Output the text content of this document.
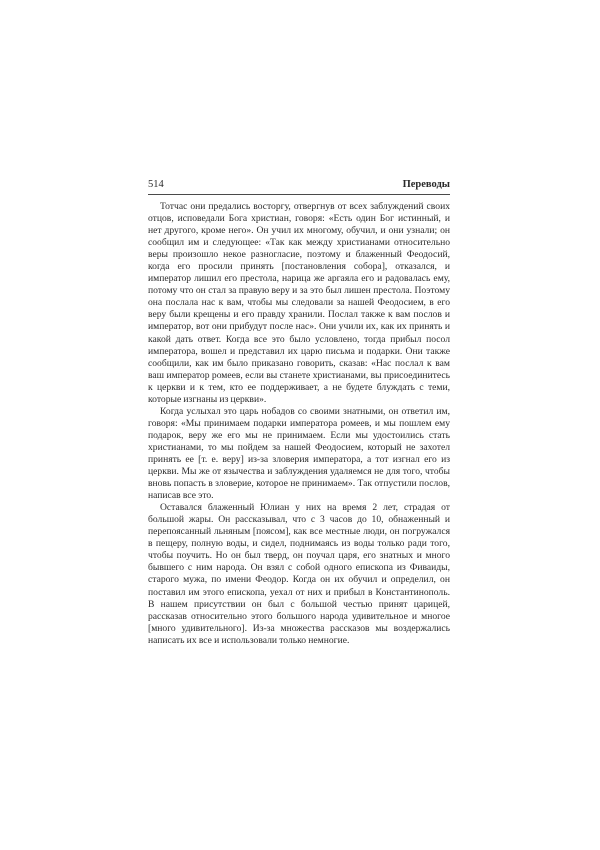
514	Переводы

Тотчас они предались восторгу, отвергнув от всех заблуждений своих отцов, исповедали Бога христиан, говоря: «Есть один Бог истинный, и нет другого, кроме него». Он учил их многому, обучил, и они узнали; он сообщил им и следующее: «Так как между христианами относительно веры произошло некое разногласие, поэтому и блаженный Феодосий, когда его просили принять [постановления собора], отказался, и император лишил его престола, нарица же аргаяла его и радовалась ему, потому что он стал за правую веру и за это был лишен престола. Поэтому она послала нас к вам, чтобы мы следовали за нашей Феодосием, в его веру были крещены и его правду хранили. Послал также к вам послов и император, вот они прибудут после нас». Они учили их, как их принять и какой дать ответ. Когда все это было условлено, тогда прибыл посол императора, вошел и представил их царю письма и подарки. Они также сообщили, как им было приказано говорить, сказав: «Нас послал к вам ваш император ромеев, если вы станете христианами, вы присоединитесь к церкви и к тем, кто ее поддерживает, а не будете блуждать с теми, которые изгнаны из церкви».

Когда услыхал это царь нобадов со своими знатными, он ответил им, говоря: «Мы принимаем подарки императора ромеев, и мы пошлем ему подарок, веру же его мы не принимаем. Если мы удостоились стать христианами, то мы пойдем за нашей Феодосием, который не захотел принять ее [т. е. веру] из-за зловерия императора, а тот изгнал его из церкви. Мы же от язычества и заблуждения удаляемся не для того, чтобы вновь попасть в зловерие, которое не принимаем». Так отпустили послов, написав все это.

Оставался блаженный Юлиан у них на время 2 лет, страдая от большой жары. Он рассказывал, что с 3 часов до 10, обнаженный и перепоясанный льняным [поясом], как все местные люди, он погружался в пещеру, полную воды, и сидел, поднимаясь из воды только ради того, чтобы поучить. Но он был тверд, он поучал царя, его знатных и много бывшего с ним народа. Он взял с собой одного епископа из Фиваиды, старого мужа, по имени Феодор. Когда он их обучил и определил, он поставил им этого епископа, уехал от них и прибыл в Константинополь. В нашем присутствии он был с большой честью принят царицей, рассказав относительно этого большого народа удивительное и многое [много удивительного]. Из-за множества рассказов мы воздержались написать их все и использовали только немногие.
